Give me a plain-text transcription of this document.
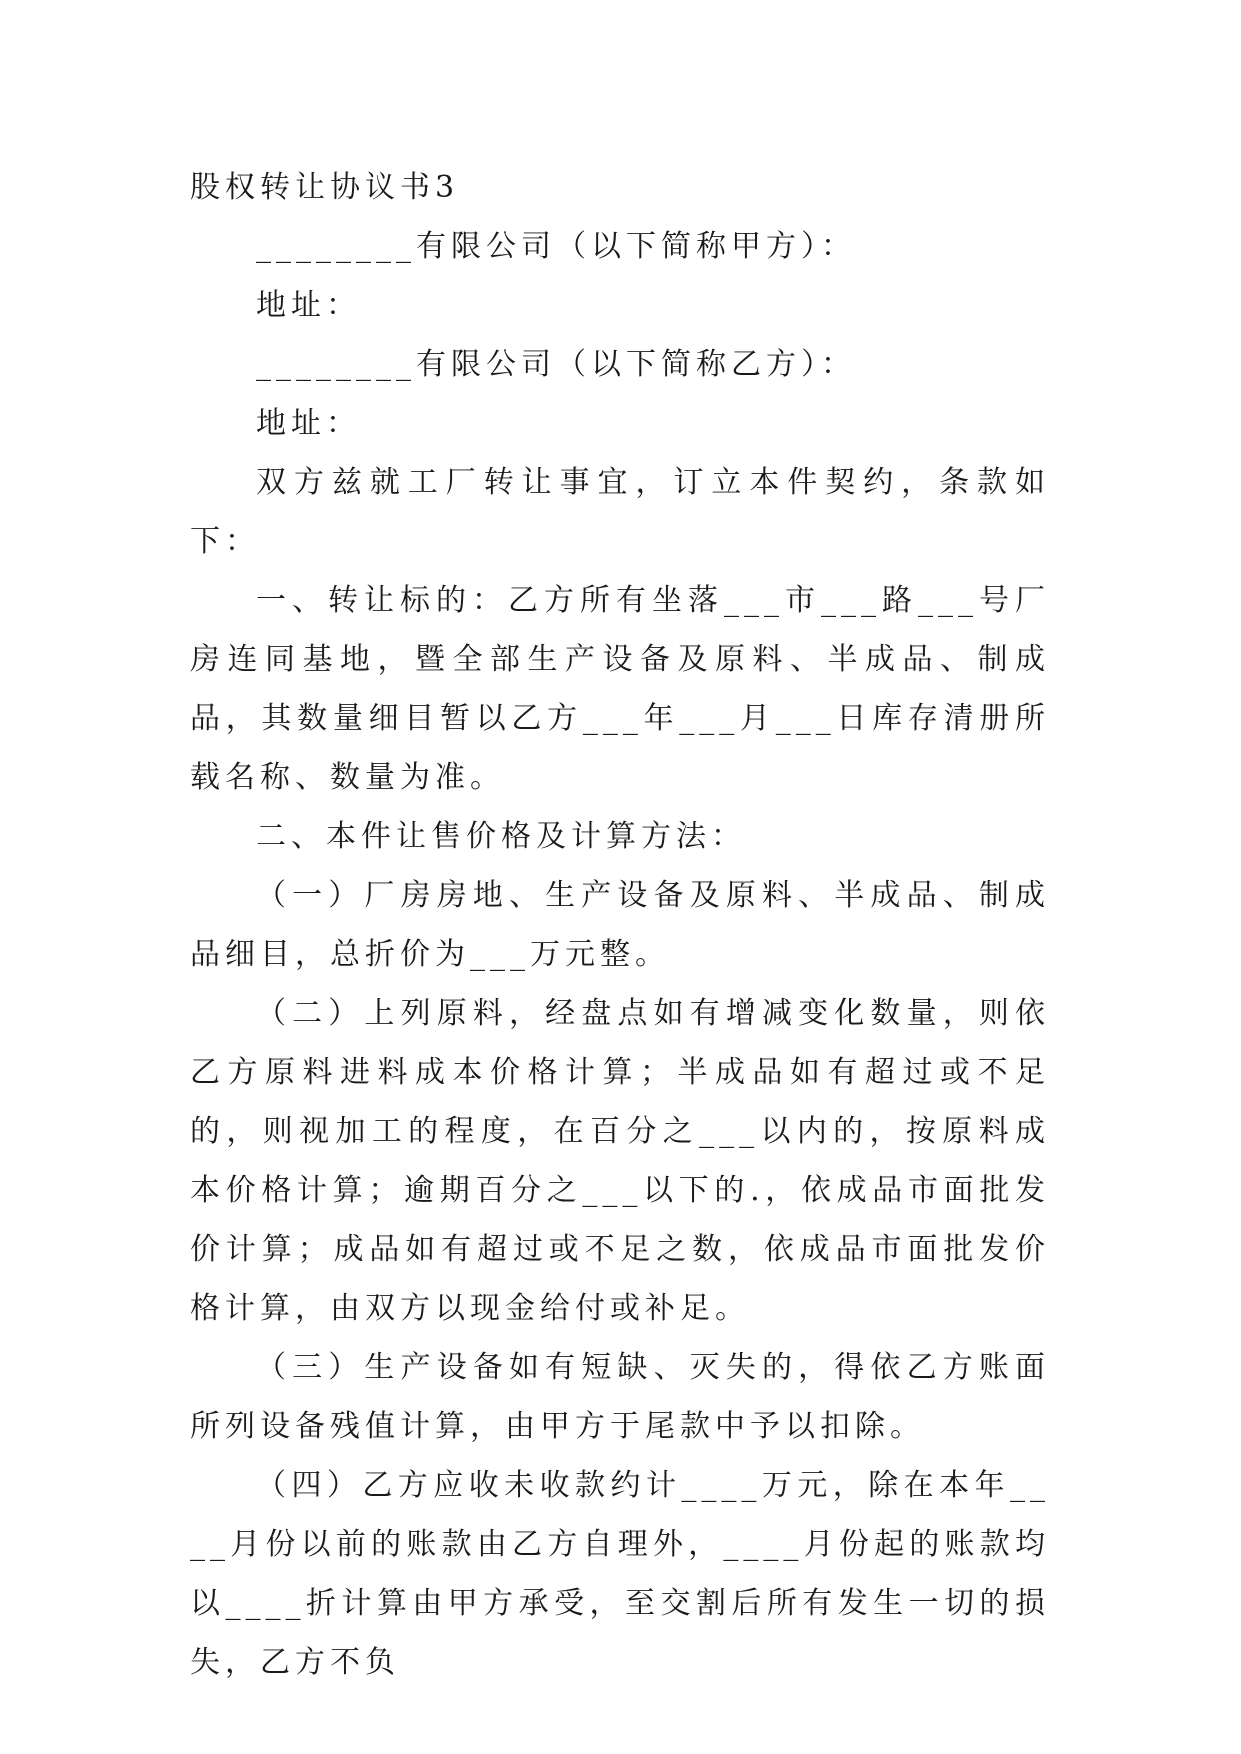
股权转让协议书3

________有限公司（以下简称甲方）：

地址：

________有限公司（以下简称乙方）：

地址：

双方兹就工厂转让事宜，订立本件契约，条款如下：

一、转让标的：乙方所有坐落___市___路___号厂房连同基地，暨全部生产设备及原料、半成品、制成品，其数量细目暂以乙方___年___月___日库存清册所载名称、数量为准。

二、本件让售价格及计算方法：

（一）厂房房地、生产设备及原料、半成品、制成品细目，总折价为___万元整。

（二）上列原料，经盘点如有增减变化数量，则依乙方原料进料成本价格计算；半成品如有超过或不足的，则视加工的程度，在百分之___以内的，按原料成本价格计算；逾期百分之___以下的.，依成品市面批发价计算；成品如有超过或不足之数，依成品市面批发价格计算，由双方以现金给付或补足。

（三）生产设备如有短缺、灭失的，得依乙方账面所列设备残值计算，由甲方于尾款中予以扣除。

（四）乙方应收未收款约计____万元，除在本年____月份以前的账款由乙方自理外，____月份起的账款均以____折计算由甲方承受，至交割后所有发生一切的损失，乙方不负
